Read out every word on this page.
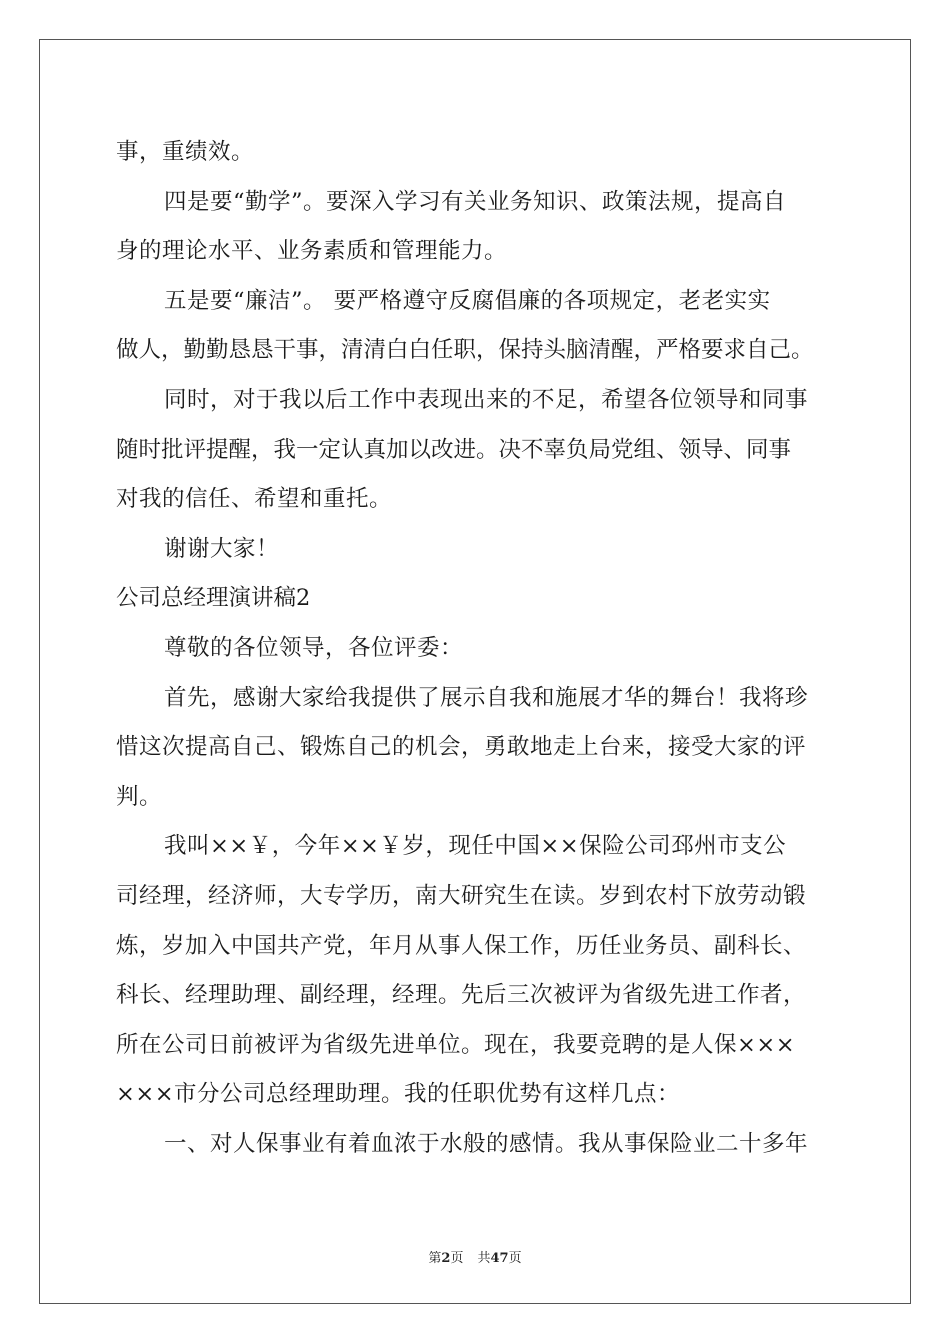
事，重绩效。
四是要“勤学”。要深入学习有关业务知识、政策法规，提高自
身的理论水平、业务素质和管理能力。
五是要“廉洁”。 要严格遵守反腐倡廉的各项规定，老老实实
做人，勤勤恳恳干事，清清白白任职，保持头脑清醒，严格要求自己。
同时，对于我以后工作中表现出来的不足，希望各位领导和同事
随时批评提醒，我一定认真加以改进。决不辜负局党组、领导、同事
对我的信任、希望和重托。
谢谢大家！
公司总经理演讲稿2
尊敬的各位领导，各位评委：
首先，感谢大家给我提供了展示自我和施展才华的舞台！我将珍
惜这次提高自己、锻炼自己的机会，勇敢地走上台来，接受大家的评
判。
我叫××￥，今年××￥岁，现任中国××保险公司邳州市支公
司经理，经济师，大专学历，南大研究生在读。岁到农村下放劳动锻
炼，岁加入中国共产党，年月从事人保工作，历任业务员、副科长、
科长、经理助理、副经理，经理。先后三次被评为省级先进工作者，
所在公司日前被评为省级先进单位。现在，我要竞聘的是人保×××
×××市分公司总经理助理。我的任职优势有这样几点：
一、对人保事业有着血浓于水般的感情。我从事保险业二十多年
第2页 共47页
